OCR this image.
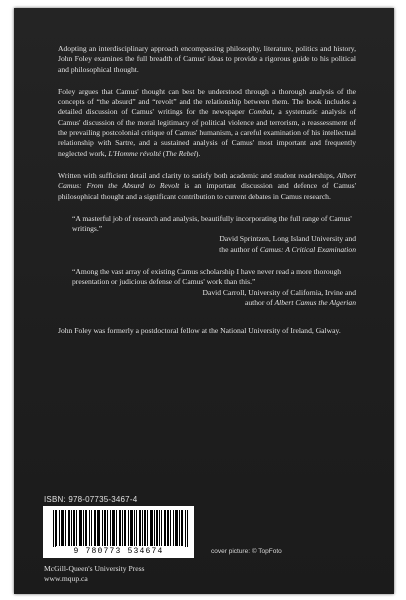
Adopting an interdisciplinary approach encompassing philosophy, literature, politics and history, John Foley examines the full breadth of Camus' ideas to provide a rigorous guide to his political and philosophical thought.

Foley argues that Camus' thought can best be understood through a thorough analysis of the concepts of “the absurd” and “revolt” and the relationship between them. The book includes a detailed discussion of Camus' writings for the newspaper Combat, a systematic analysis of Camus' discussion of the moral legitimacy of political violence and terrorism, a reassessment of the prevailing postcolonial critique of Camus' humanism, a careful examination of his intellectual relationship with Sartre, and a sustained analysis of Camus' most important and frequently neglected work, L'Homme révolté (The Rebel).

Written with sufficient detail and clarity to satisfy both academic and student readerships, Albert Camus: From the Absurd to Revolt is an important discussion and defence of Camus' philosophical thought and a significant contribution to current debates in Camus research.

“A masterful job of research and analysis, beautifully incorporating the full range of Camus' writings.”
David Sprintzen, Long Island University and
the author of Camus: A Critical Examination
“Among the vast array of existing Camus scholarship I have never read a more thorough presentation or judicious defense of Camus' work than this.”
David Carroll, University of California, Irvine and
author of Albert Camus the Algerian

John Foley was formerly a postdoctoral fellow at the National University of Ireland, Galway.

ISBN: 978-07735-3467-4
9 780773 534674	cover picture: © TopFoto
McGill-Queen's University Press
www.mqup.ca
